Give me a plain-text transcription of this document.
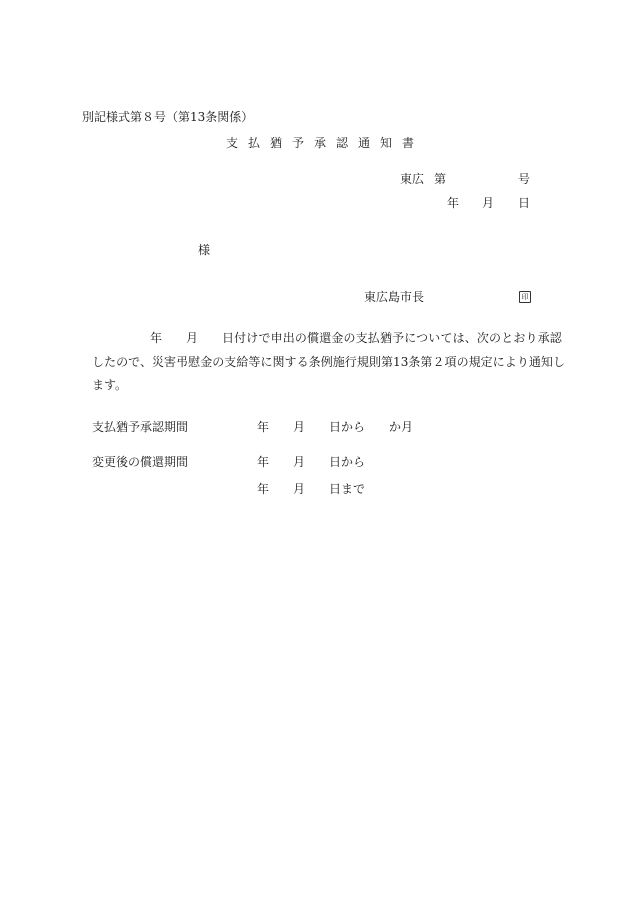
別記様式第８号（第13条関係）
支払猶予承認通知書
東広 第	号
年 月 日
様
東広島市長	印
年 月 日付けで申出の償還金の支払猶予については、次のとおり承認
したので、災害弔慰金の支給等に関する条例施行規則第13条第２項の規定により通知し
ます。
支払猶予承認期間	年 月 日から か月
変更後の償還期間	年 月 日から
年 月 日まで
